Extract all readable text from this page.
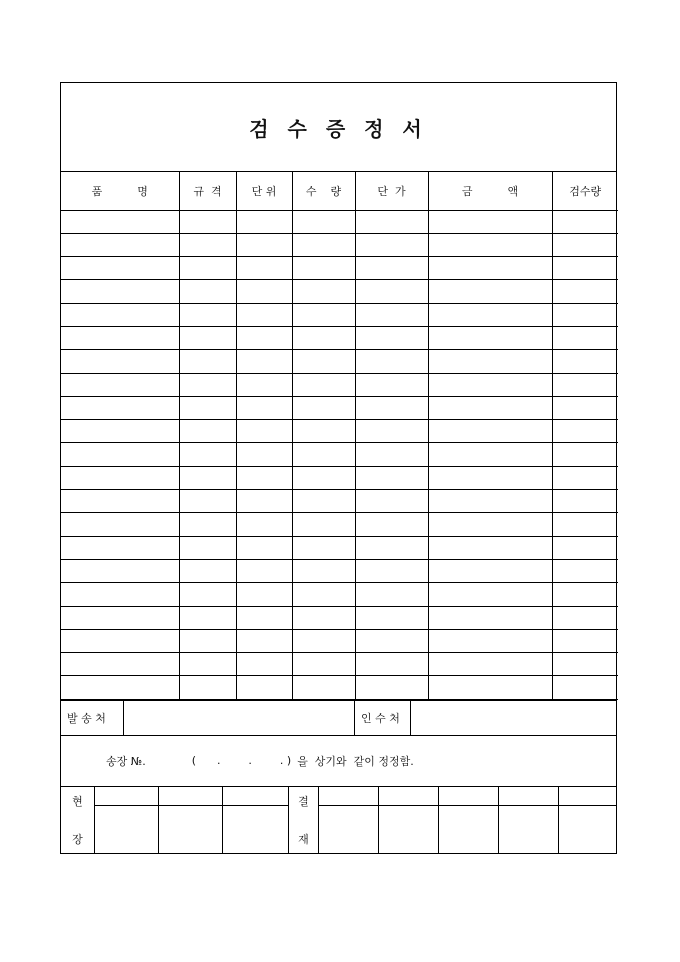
검 수 증 정 서
품          명	규  격	단 위	수    량	단  가	금          액	검수량

발 송 처	인 수 처
송장 №.	(      .        .        . ) 을  상기와  같이 정정함.
현
장
결
재
